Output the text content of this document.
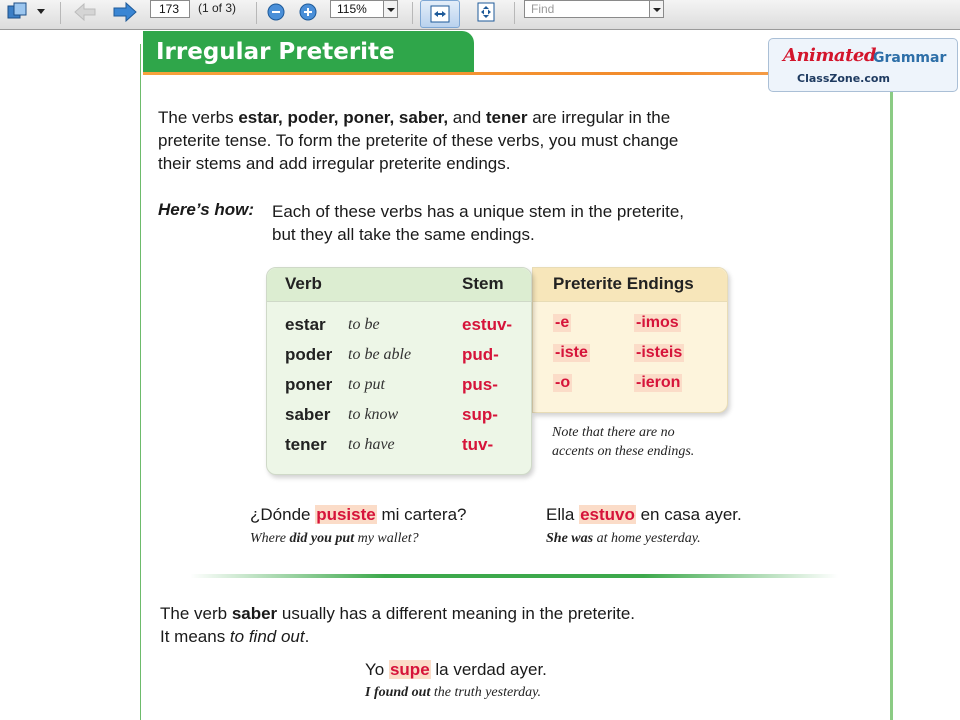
173	(1 of 3)	115%	Find
Irregular Preterite Verbs
Animated
Grammar
ClassZone.com
The verbs estar, poder, poner, saber, and tener are irregular in the
preterite tense. To form the preterite of these verbs, you must change
their stems and add irregular preterite endings.
Here’s how: Each of these verbs has a unique stem in the preterite,
but they all take the same endings.
Verb	Stem	Preterite Endings
estar to be	estuv-
poder to be able	pud-
poner to put	pus-
saber to know	sup-
tener to have	tuv-
-e	-imos
-iste	-isteis
-o	-ieron
Note that there are no
accents on these endings.
¿Dónde pusiste mi cartera?
Where did you put my wallet?
Ella estuvo en casa ayer.
She was at home yesterday.
The verb saber usually has a different meaning in the preterite.
It means to find out.
Yo supe la verdad ayer.
I found out the truth yesterday.
